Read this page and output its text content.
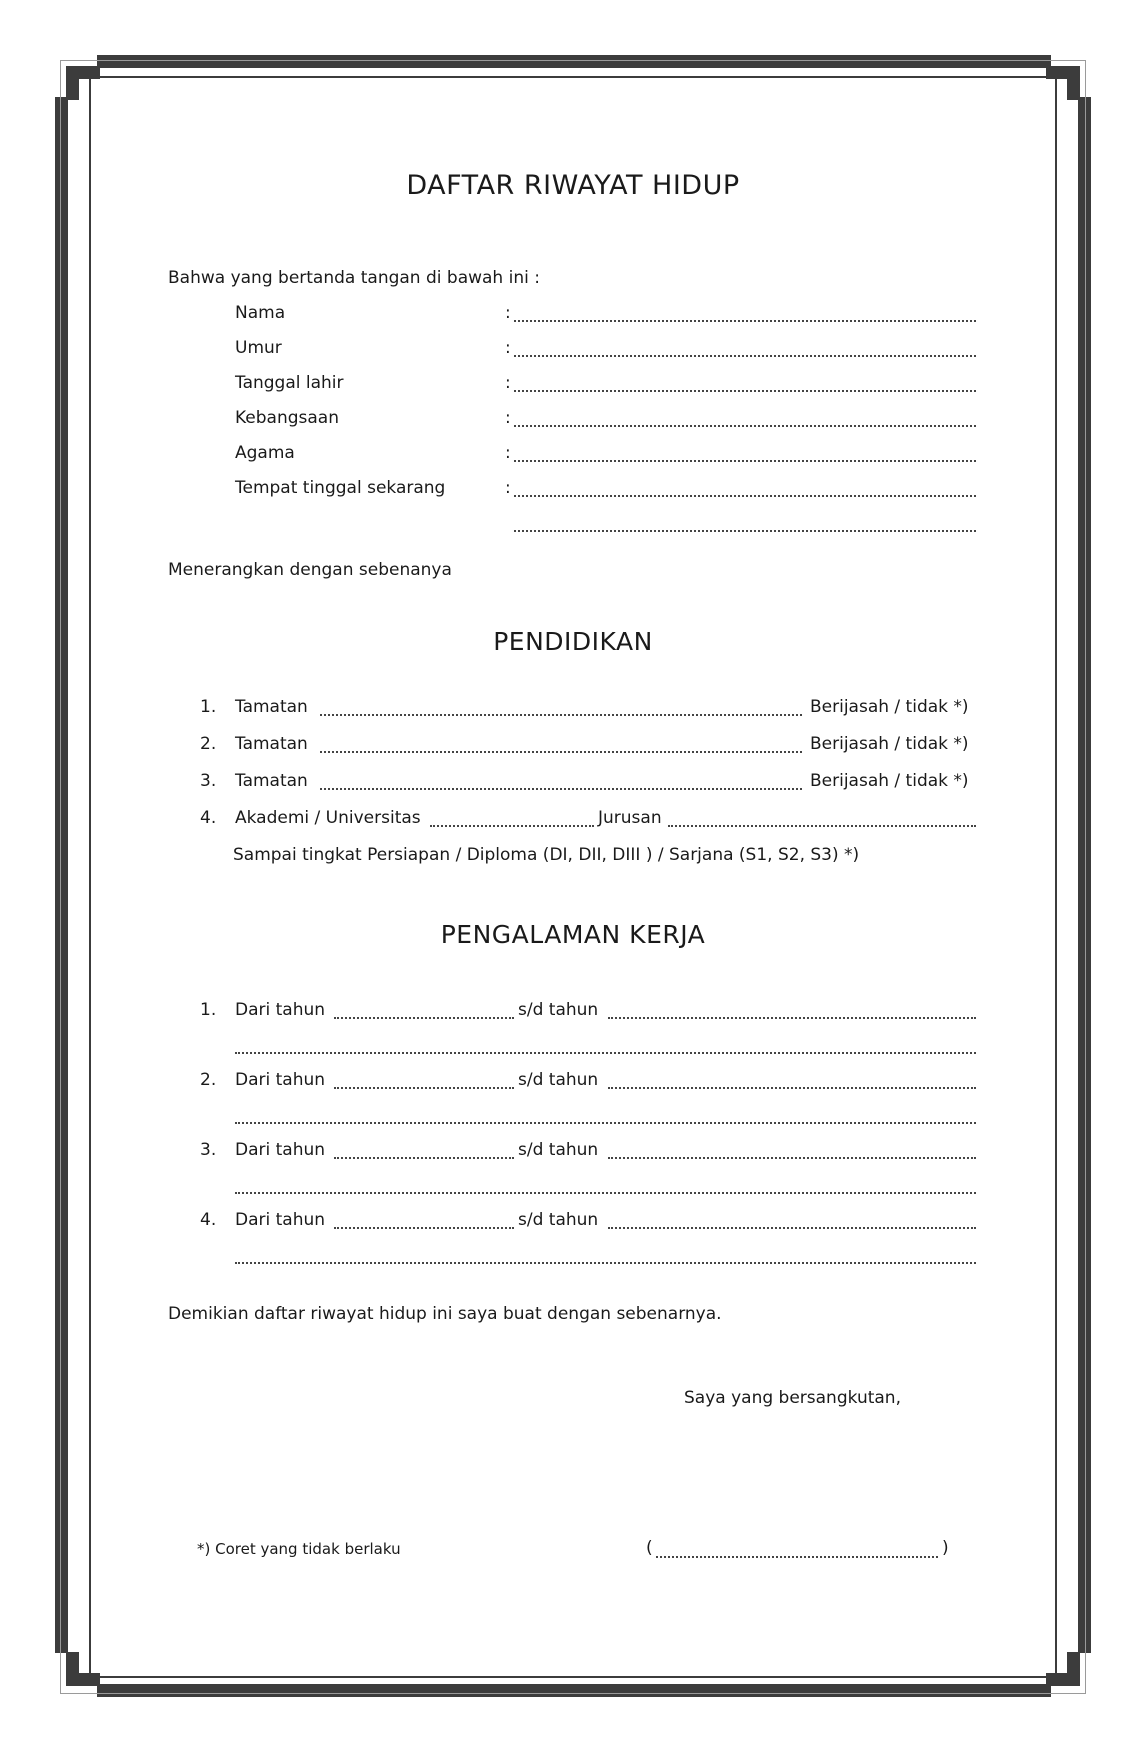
DAFTAR RIWAYAT HIDUP
Bahwa yang bertanda tangan di bawah ini :
Nama	:
Umur	:
Tanggal lahir	:
Kebangsaan	:
Agama	:
Tempat tinggal sekarang	:
Menerangkan dengan sebenanya
PENDIDIKAN
1. Tamatan	Berijasah / tidak *)
2. Tamatan	Berijasah / tidak *)
3. Tamatan	Berijasah / tidak *)
4. Akademi / Universitas	Jurusan
Sampai tingkat Persiapan / Diploma (DI, DII, DIII ) / Sarjana (S1, S2, S3) *)
PENGALAMAN KERJA
1. Dari tahun	s/d tahun
2. Dari tahun	s/d tahun
3. Dari tahun	s/d tahun
4. Dari tahun	s/d tahun
Demikian daftar riwayat hidup ini saya buat dengan sebenarnya.
Saya yang bersangkutan,
*) Coret yang tidak berlaku	(	)
